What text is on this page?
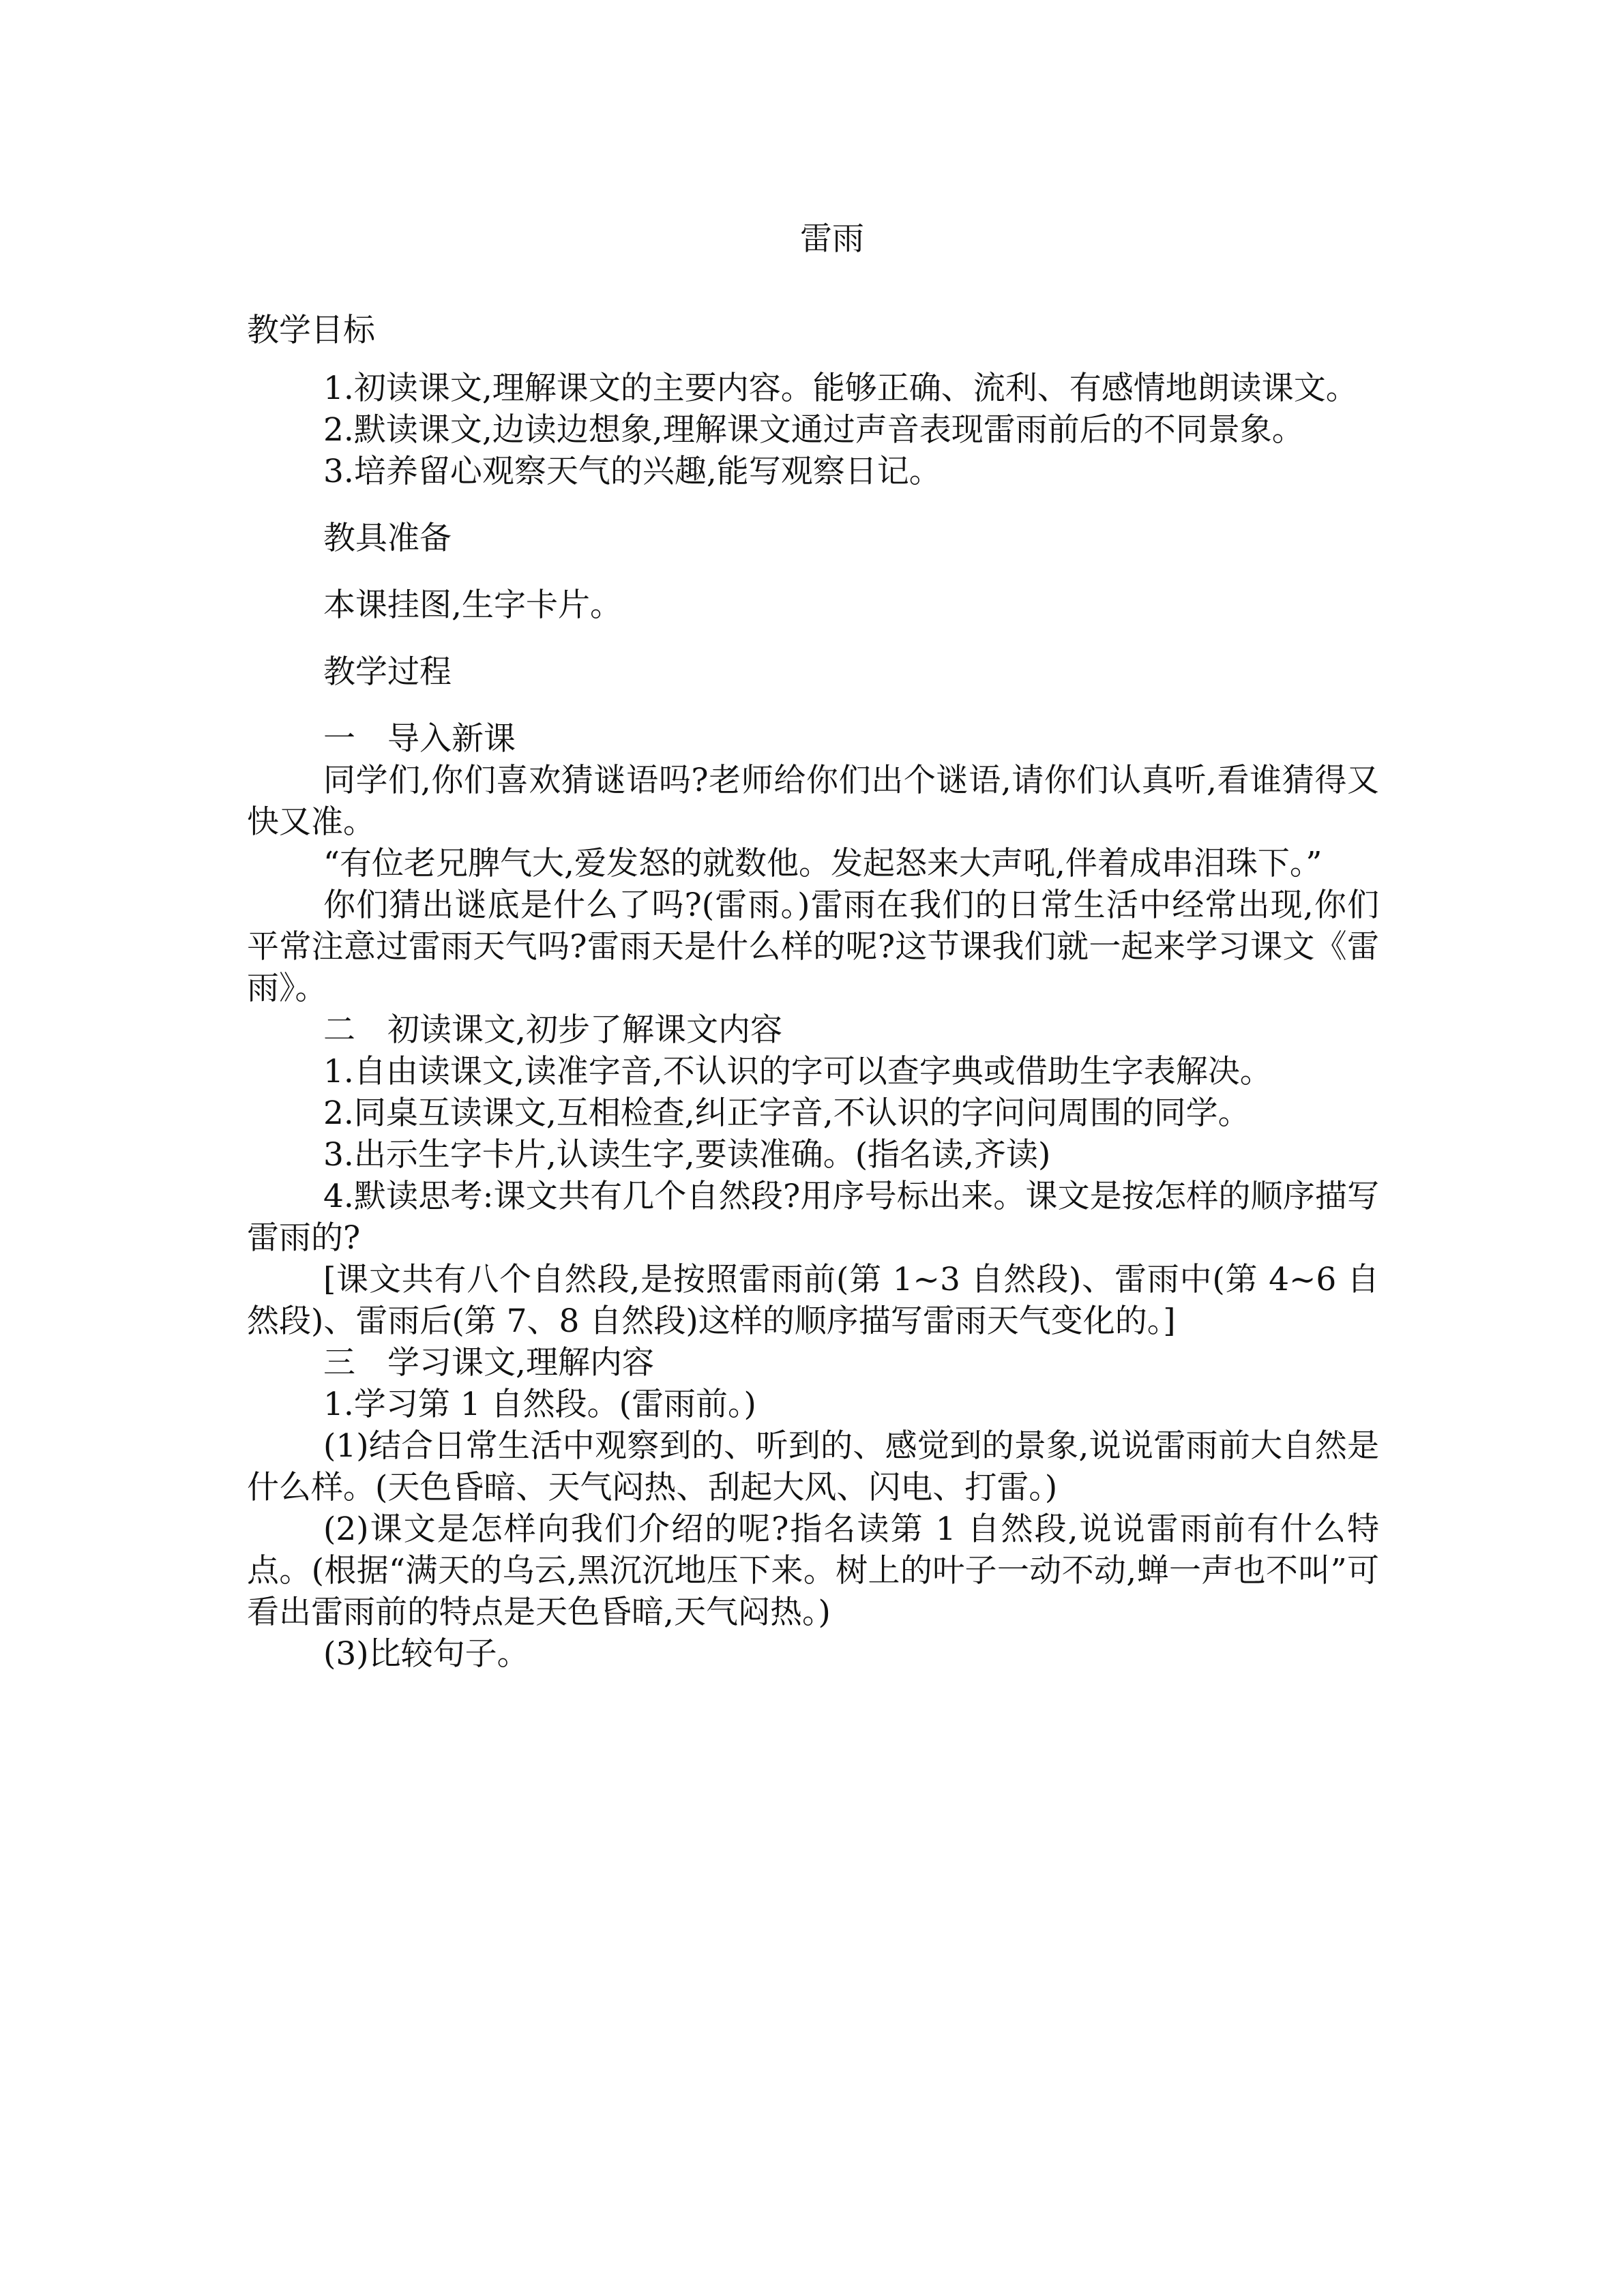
雷雨
教学目标

1.初读课文,理解课文的主要内容。能够正确、流利、有感情地朗读课文。

2.默读课文,边读边想象,理解课文通过声音表现雷雨前后的不同景象。

3.培养留心观察天气的兴趣,能写观察日记。

教具准备

本课挂图,生字卡片。

教学过程

一　导入新课

同学们,你们喜欢猜谜语吗?老师给你们出个谜语,请你们认真听,看谁猜得又快又准。

“有位老兄脾气大,爱发怒的就数他。发起怒来大声吼,伴着成串泪珠下。”

你们猜出谜底是什么了吗?(雷雨。)雷雨在我们的日常生活中经常出现,你们平常注意过雷雨天气吗?雷雨天是什么样的呢?这节课我们就一起来学习课文《雷雨》。

二　初读课文,初步了解课文内容

1.自由读课文,读准字音,不认识的字可以查字典或借助生字表解决。

2.同桌互读课文,互相检查,纠正字音,不认识的字问问周围的同学。

3.出示生字卡片,认读生字,要读准确。(指名读,齐读)

4.默读思考:课文共有几个自然段?用序号标出来。课文是按怎样的顺序描写雷雨的?

[课文共有八个自然段,是按照雷雨前(第 1~3 自然段)、雷雨中(第 4~6 自然段)、雷雨后(第 7、8 自然段)这样的顺序描写雷雨天气变化的。]

三　学习课文,理解内容

1.学习第 1 自然段。(雷雨前。)

(1)结合日常生活中观察到的、听到的、感觉到的景象,说说雷雨前大自然是什么样。(天色昏暗、天气闷热、刮起大风、闪电、打雷。)

(2)课文是怎样向我们介绍的呢?指名读第 1 自然段,说说雷雨前有什么特点。(根据“满天的乌云,黑沉沉地压下来。树上的叶子一动不动,蝉一声也不叫”可看出雷雨前的特点是天色昏暗,天气闷热。)

(3)比较句子。
